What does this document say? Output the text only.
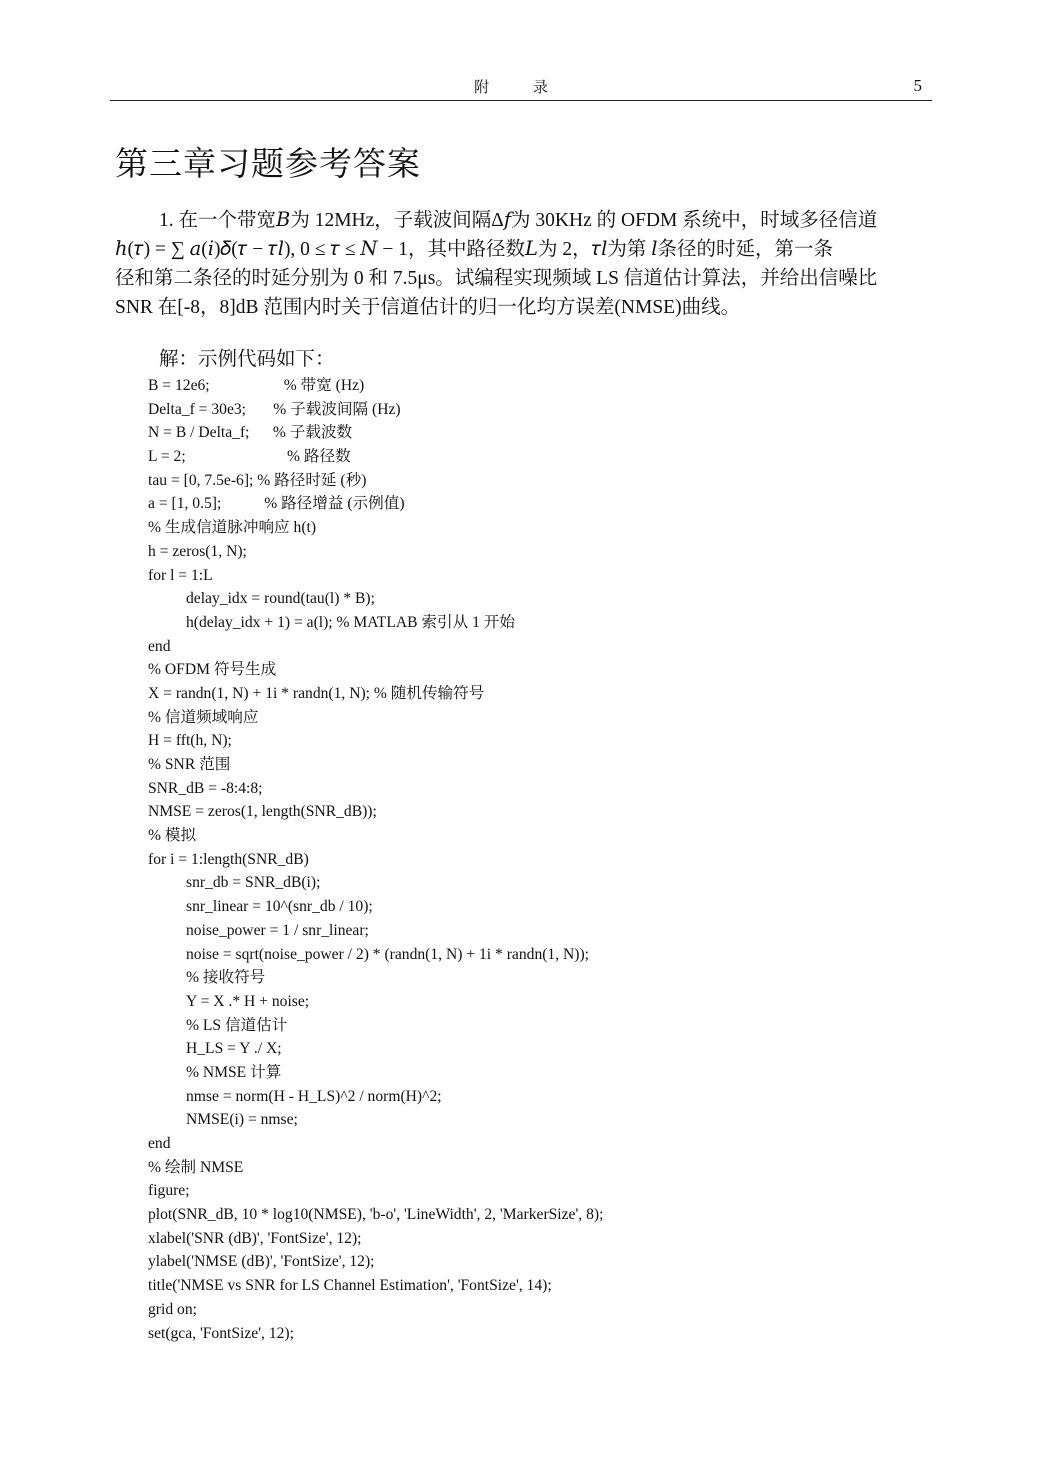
附 录	5
第三章习题参考答案
1. 在一个带宽𝐵为 12MHz，子载波间隔Δ𝑓为 30KHz 的 OFDM 系统中，时域多径信道
ℎ(𝜏) = ∑ 𝑎(𝑖)𝛿(𝜏 − 𝜏𝑙), 0 ≤ 𝜏 ≤ 𝑁 − 1，其中路径数𝐿为 2，𝜏𝑙为第 𝑙条径的时延，第一条
径和第二条径的时延分别为 0 和 7.5μs。试编程实现频域 LS 信道估计算法，并给出信噪比
SNR 在[-8，8]dB 范围内时关于信道估计的归一化均方误差(NMSE)曲线。

解：示例代码如下：

B = 12e6;                   % 带宽 (Hz)
Delta_f = 30e3;       % 子载波间隔 (Hz)
N = B / Delta_f;      % 子载波数
L = 2;                          % 路径数
tau = [0, 7.5e-6]; % 路径时延 (秒)
a = [1, 0.5];           % 路径增益 (示例值)
% 生成信道脉冲响应 h(t)
h = zeros(1, N);
for l = 1:L
delay_idx = round(tau(l) * B);
h(delay_idx + 1) = a(l); % MATLAB 索引从 1 开始
end
% OFDM 符号生成
X = randn(1, N) + 1i * randn(1, N); % 随机传输符号
% 信道频域响应
H = fft(h, N);
% SNR 范围
SNR_dB = -8:4:8;
NMSE = zeros(1, length(SNR_dB));
% 模拟
for i = 1:length(SNR_dB)
snr_db = SNR_dB(i);
snr_linear = 10^(snr_db / 10);
noise_power = 1 / snr_linear;
noise = sqrt(noise_power / 2) * (randn(1, N) + 1i * randn(1, N));
% 接收符号
Y = X .* H + noise;
% LS 信道估计
H_LS = Y ./ X;
% NMSE 计算
nmse = norm(H - H_LS)^2 / norm(H)^2;
NMSE(i) = nmse;
end
% 绘制 NMSE
figure;
plot(SNR_dB, 10 * log10(NMSE), 'b-o', 'LineWidth', 2, 'MarkerSize', 8);
xlabel('SNR (dB)', 'FontSize', 12);
ylabel('NMSE (dB)', 'FontSize', 12);
title('NMSE vs SNR for LS Channel Estimation', 'FontSize', 14);
grid on;
set(gca, 'FontSize', 12);
